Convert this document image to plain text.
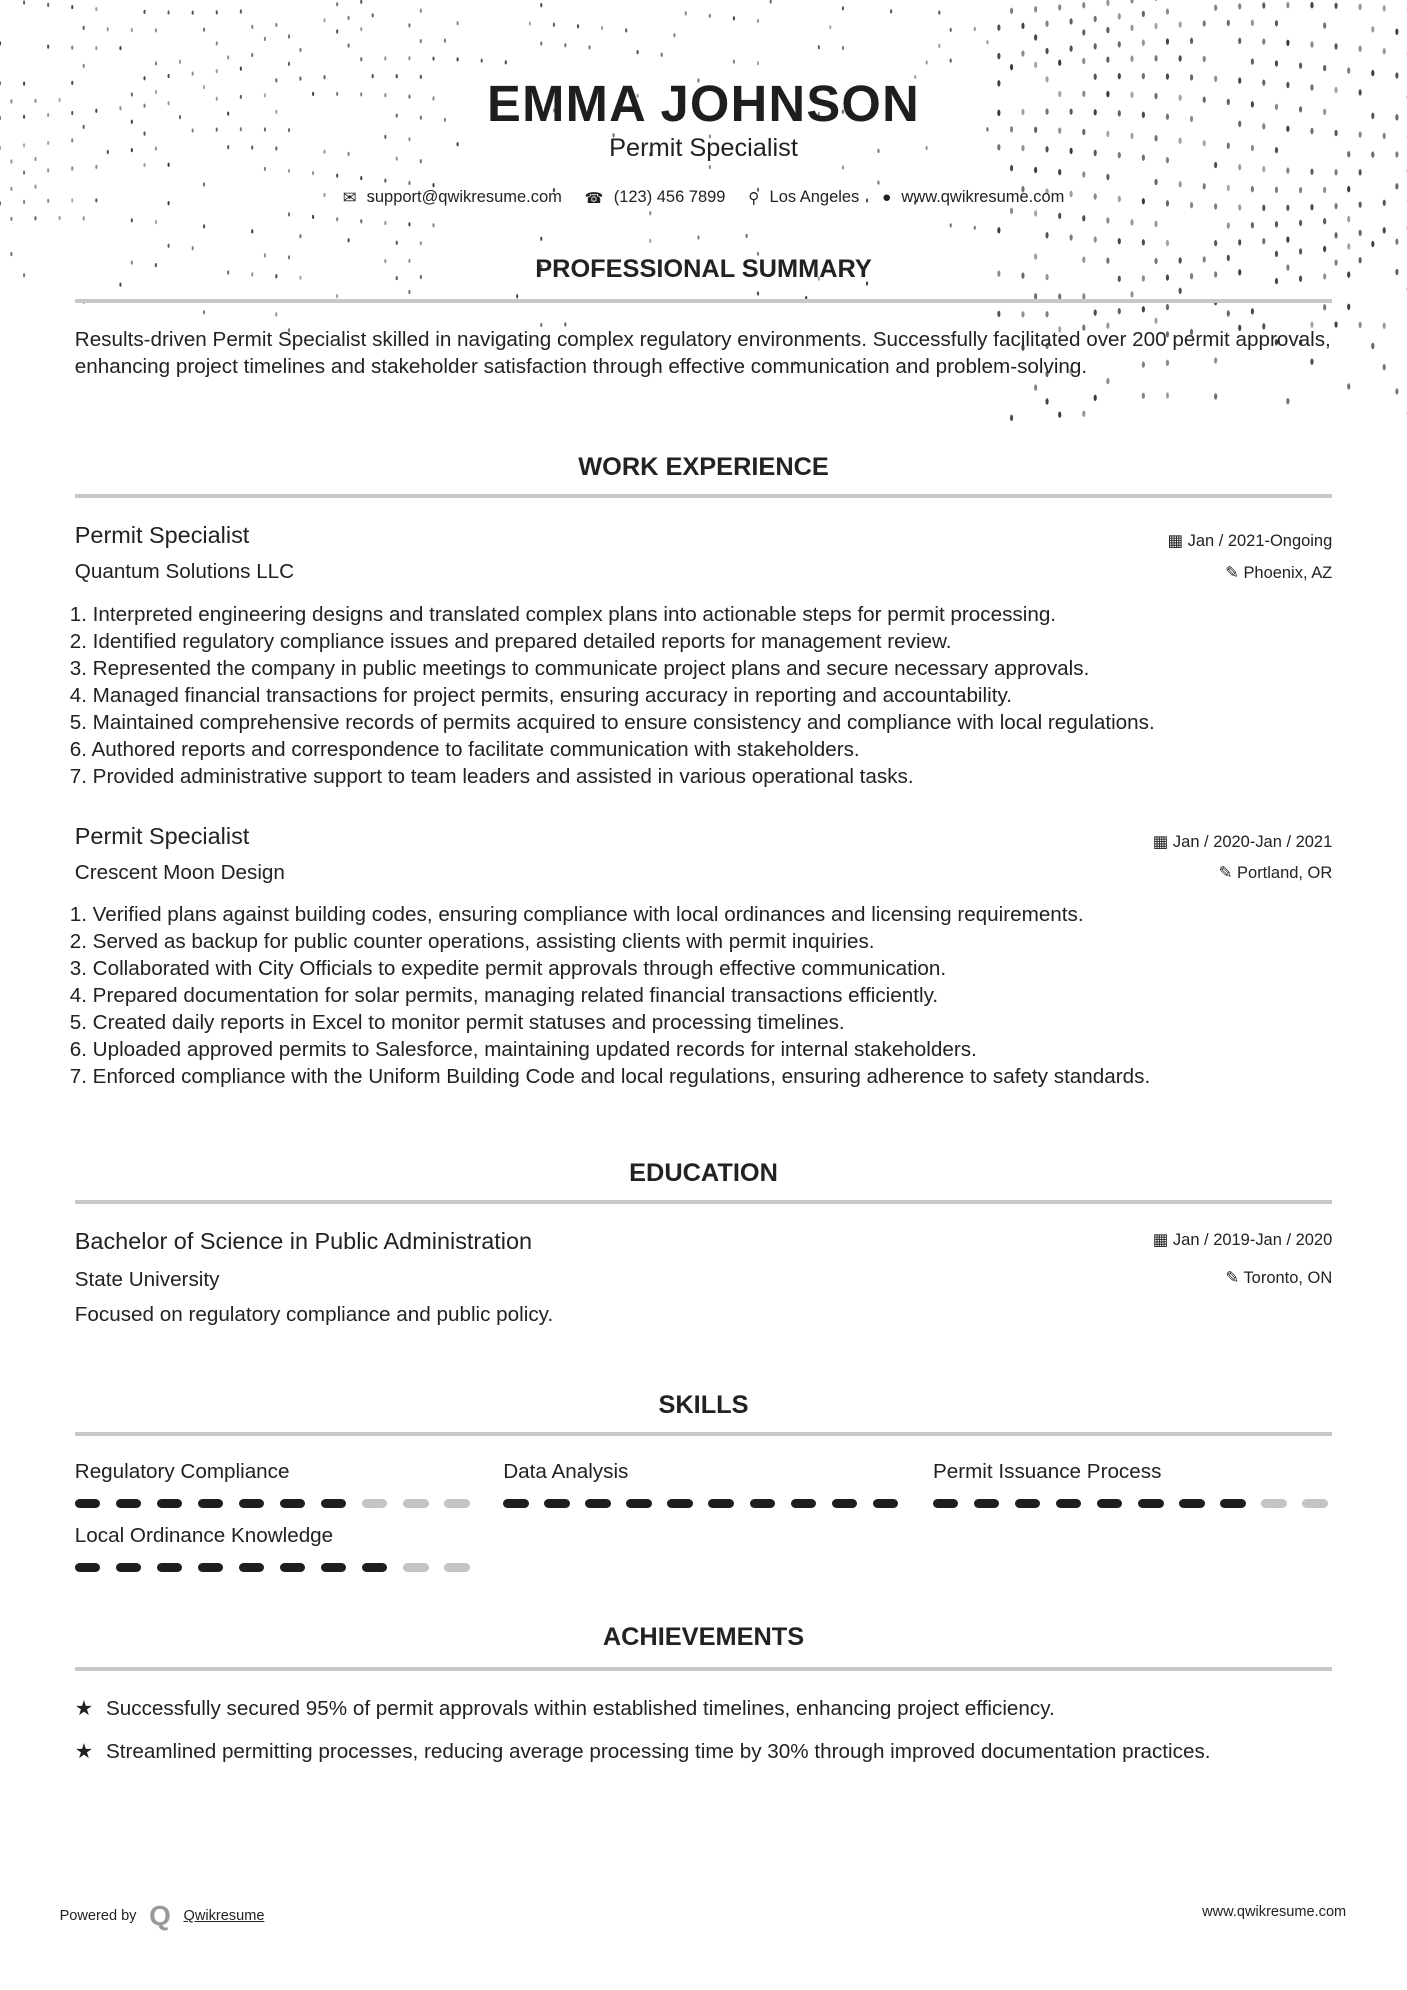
EMMA JOHNSON
Permit Specialist
✉ support@qwikresume.com ☎ (123) 456 7899 ⚲ Los Angeles ● www.qwikresume.com
PROFESSIONAL SUMMARY
Results-driven Permit Specialist skilled in navigating complex regulatory environments. Successfully facilitated over 200 permit approvals, enhancing project timelines and stakeholder satisfaction through effective communication and problem-solving.
WORK EXPERIENCE
Permit Specialist	▦ Jan / 2021-Ongoing
Quantum Solutions LLC	✎ Phoenix, AZ
1. Interpreted engineering designs and translated complex plans into actionable steps for permit processing.
2. Identified regulatory compliance issues and prepared detailed reports for management review.
3. Represented the company in public meetings to communicate project plans and secure necessary approvals.
4. Managed financial transactions for project permits, ensuring accuracy in reporting and accountability.
5. Maintained comprehensive records of permits acquired to ensure consistency and compliance with local regulations.
6. Authored reports and correspondence to facilitate communication with stakeholders.
7. Provided administrative support to team leaders and assisted in various operational tasks.
Permit Specialist	▦ Jan / 2020-Jan / 2021
Crescent Moon Design	✎ Portland, OR
1. Verified plans against building codes, ensuring compliance with local ordinances and licensing requirements.
2. Served as backup for public counter operations, assisting clients with permit inquiries.
3. Collaborated with City Officials to expedite permit approvals through effective communication.
4. Prepared documentation for solar permits, managing related financial transactions efficiently.
5. Created daily reports in Excel to monitor permit statuses and processing timelines.
6. Uploaded approved permits to Salesforce, maintaining updated records for internal stakeholders.
7. Enforced compliance with the Uniform Building Code and local regulations, ensuring adherence to safety standards.
EDUCATION
Bachelor of Science in Public Administration	▦ Jan / 2019-Jan / 2020
State University	✎ Toronto, ON
Focused on regulatory compliance and public policy.
SKILLS
Regulatory Compliance	Data Analysis	Permit Issuance Process
Local Ordinance Knowledge
ACHIEVEMENTS
★ Successfully secured 95% of permit approvals within established timelines, enhancing project efficiency.
★ Streamlined permitting processes, reducing average processing time by 30% through improved documentation practices.
Powered by Q Qwikresume	www.qwikresume.com
